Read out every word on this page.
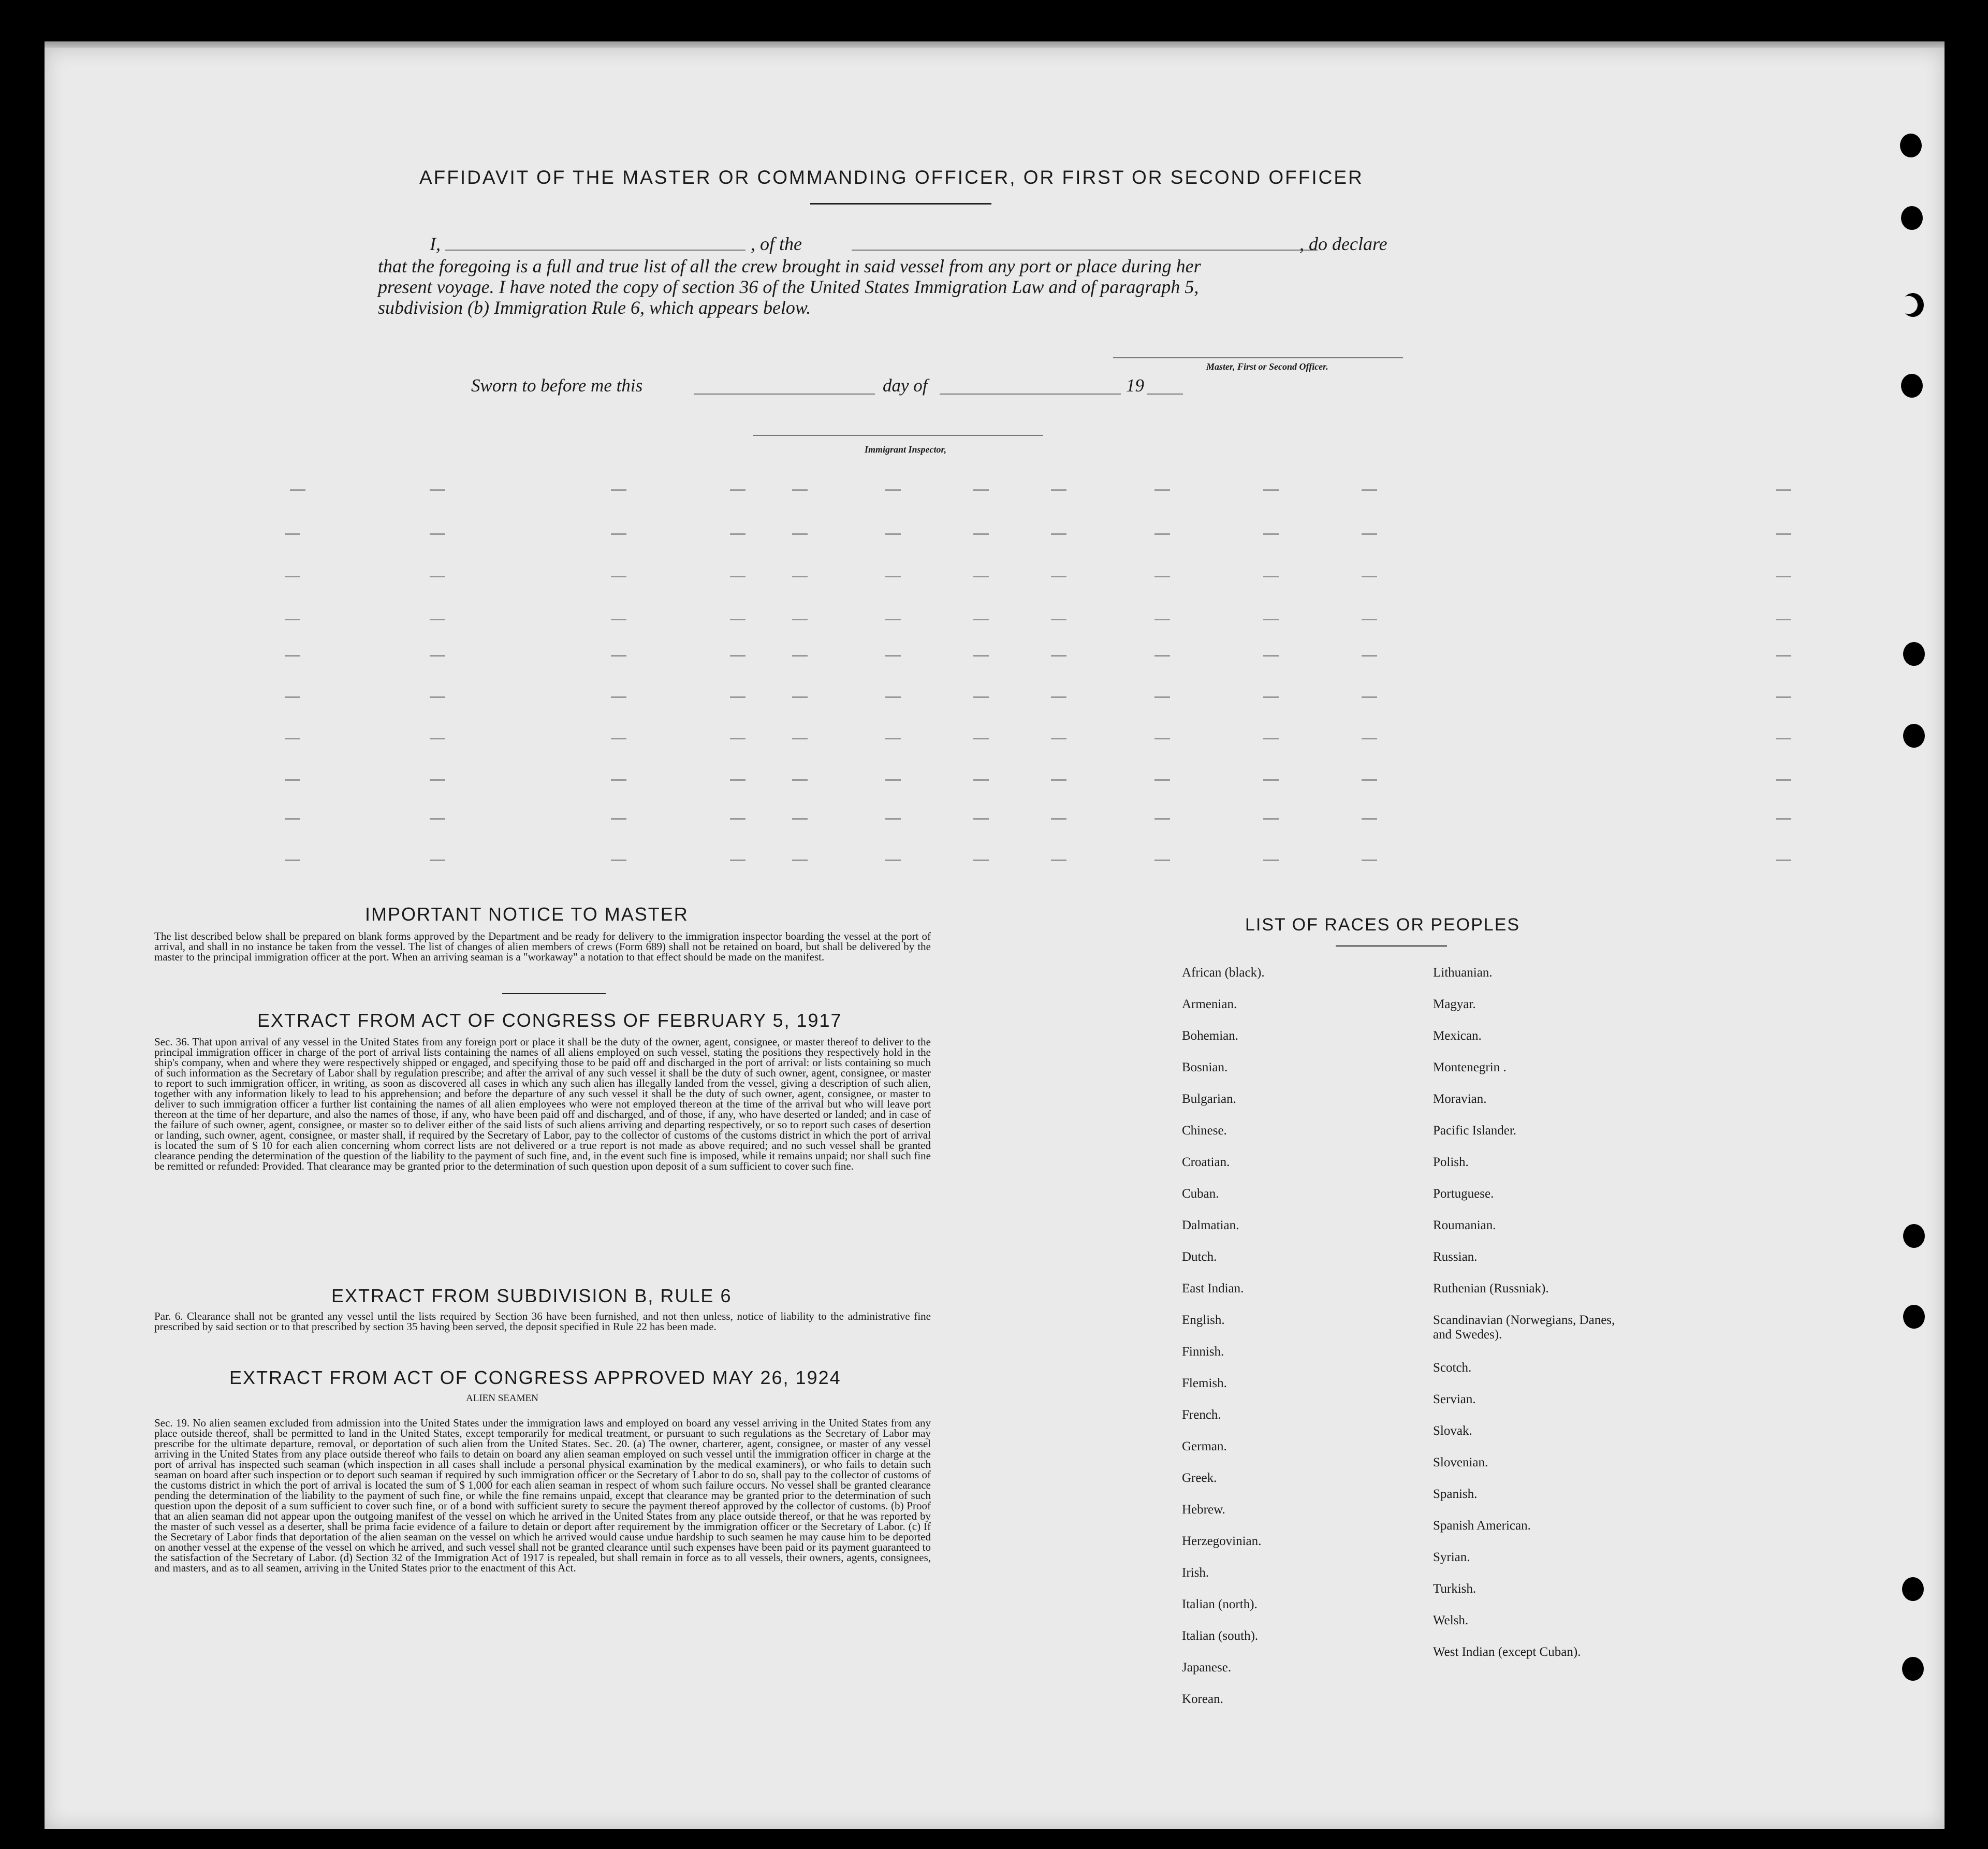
AFFIDAVIT OF THE MASTER OR COMMANDING OFFICER, OR FIRST OR SECOND OFFICER
I,	, of the	, do declare
that the foregoing is a full and true list of all the crew brought in said vessel from any port or place during her
present voyage. I have noted the copy of section 36 of the United States Immigration Law and of paragraph 5,
subdivision (b) Immigration Rule 6, which appears below.
Master, First or Second Officer.
Sworn to before me this	day of	19
Immigrant Inspector,
IMPORTANT NOTICE TO MASTER
The list described below shall be prepared on blank forms approved by the Department and be ready for delivery to the immigration inspector boarding the vessel at the port of arrival, and shall in no instance be taken from the vessel. The list of changes of alien members of crews (Form 689) shall not be retained on board, but shall be delivered by the master to the principal immigration officer at the port. When an arriving seaman is a "workaway" a notation to that effect should be made on the manifest.
EXTRACT FROM ACT OF CONGRESS OF FEBRUARY 5, 1917
Sec. 36. That upon arrival of any vessel in the United States from any foreign port or place it shall be the duty of the owner, agent, consignee, or master thereof to deliver to the principal immigration officer in charge of the port of arrival lists containing the names of all aliens employed on such vessel, stating the positions they respectively hold in the ship's company, when and where they were respectively shipped or engaged, and specifying those to be paid off and discharged in the port of arrival: or lists containing so much of such information as the Secretary of Labor shall by regulation prescribe; and after the arrival of any such vessel it shall be the duty of such owner, agent, consignee, or master to report to such immigration officer, in writing, as soon as discovered all cases in which any such alien has illegally landed from the vessel, giving a description of such alien, together with any information likely to lead to his apprehension; and before the departure of any such vessel it shall be the duty of such owner, agent, consignee, or master to deliver to such immigration officer a further list containing the names of all alien employees who were not employed thereon at the time of the arrival but who will leave port thereon at the time of her departure, and also the names of those, if any, who have been paid off and discharged, and of those, if any, who have deserted or landed; and in case of the failure of such owner, agent, consignee, or master so to deliver either of the said lists of such aliens arriving and departing respectively, or so to report such cases of desertion or landing, such owner, agent, consignee, or master shall, if required by the Secretary of Labor, pay to the collector of customs of the customs district in which the port of arrival is located the sum of $ 10 for each alien concerning whom correct lists are not delivered or a true report is not made as above required; and no such vessel shall be granted clearance pending the determination of the question of the liability to the payment of such fine, and, in the event such fine is imposed, while it remains unpaid; nor shall such fine be remitted or refunded: Provided. That clearance may be granted prior to the determination of such question upon deposit of a sum sufficient to cover such fine.
EXTRACT FROM SUBDIVISION B, RULE 6
Par. 6. Clearance shall not be granted any vessel until the lists required by Section 36 have been furnished, and not then unless, notice of liability to the administrative fine prescribed by said section or to that prescribed by section 35 having been served, the deposit specified in Rule 22 has been made.
EXTRACT FROM ACT OF CONGRESS APPROVED MAY 26, 1924
ALIEN SEAMEN
Sec. 19. No alien seamen excluded from admission into the United States under the immigration laws and employed on board any vessel arriving in the United States from any place outside thereof, shall be permitted to land in the United States, except temporarily for medical treatment, or pursuant to such regulations as the Secretary of Labor may prescribe for the ultimate departure, removal, or deportation of such alien from the United States. Sec. 20. (a) The owner, charterer, agent, consignee, or master of any vessel arriving in the United States from any place outside thereof who fails to detain on board any alien seaman employed on such vessel until the immigration officer in charge at the port of arrival has inspected such seaman (which inspection in all cases shall include a personal physical examination by the medical examiners), or who fails to detain such seaman on board after such inspection or to deport such seaman if required by such immigration officer or the Secretary of Labor to do so, shall pay to the collector of customs of the customs district in which the port of arrival is located the sum of $ 1,000 for each alien seaman in respect of whom such failure occurs. No vessel shall be granted clearance pending the determination of the liability to the payment of such fine, or while the fine remains unpaid, except that clearance may be granted prior to the determination of such question upon the deposit of a sum sufficient to cover such fine, or of a bond with sufficient surety to secure the payment thereof approved by the collector of customs. (b) Proof that an alien seaman did not appear upon the outgoing manifest of the vessel on which he arrived in the United States from any place outside thereof, or that he was reported by the master of such vessel as a deserter, shall be prima facie evidence of a failure to detain or deport after requirement by the immigration officer or the Secretary of Labor. (c) If the Secretary of Labor finds that deportation of the alien seaman on the vessel on which he arrived would cause undue hardship to such seamen he may cause him to be deported on another vessel at the expense of the vessel on which he arrived, and such vessel shall not be granted clearance until such expenses have been paid or its payment guaranteed to the satisfaction of the Secretary of Labor. (d) Section 32 of the Immigration Act of 1917 is repealed, but shall remain in force as to all vessels, their owners, agents, consignees, and masters, and as to all seamen, arriving in the United States prior to the enactment of this Act.
LIST OF RACES OR PEOPLES
African (black).
Armenian.
Bohemian.
Bosnian.
Bulgarian.
Chinese.
Croatian.
Cuban.
Dalmatian.
Dutch.
East Indian.
English.
Finnish.
Flemish.
French.
German.
Greek.
Hebrew.
Herzegovinian.
Irish.
Italian (north).
Italian (south).
Japanese.
Korean.
Lithuanian.
Magyar.
Mexican.
Montenegrin .
Moravian.
Pacific Islander.
Polish.
Portuguese.
Roumanian.
Russian.
Ruthenian (Russniak).
Scandinavian (Norwegians, Danes, and Swedes).
Scotch.
Servian.
Slovak.
Slovenian.
Spanish.
Spanish American.
Syrian.
Turkish.
Welsh.
West Indian (except Cuban).
